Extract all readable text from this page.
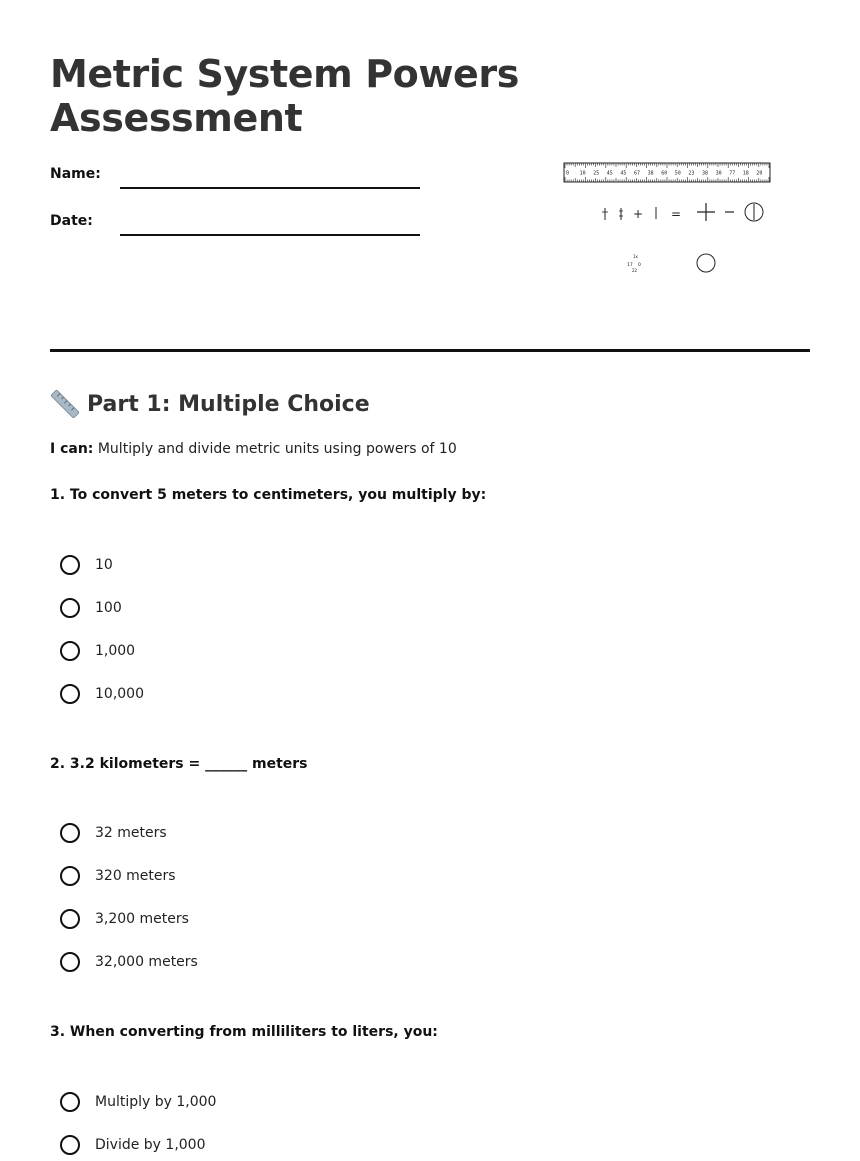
Metric System Powers Assessment
Name:
Date:
0 10 25 45 45 67 38 60 50 23 38 30 77 18 20
+ =
1x
17 0
22
Part 1: Multiple Choice
I can: Multiply and divide metric units using powers of 10
1. To convert 5 meters to centimeters, you multiply by:
10
100
1,000
10,000
2. 3.2 kilometers = ______ meters
32 meters
320 meters
3,200 meters
32,000 meters
3. When converting from milliliters to liters, you:
Multiply by 1,000
Divide by 1,000
